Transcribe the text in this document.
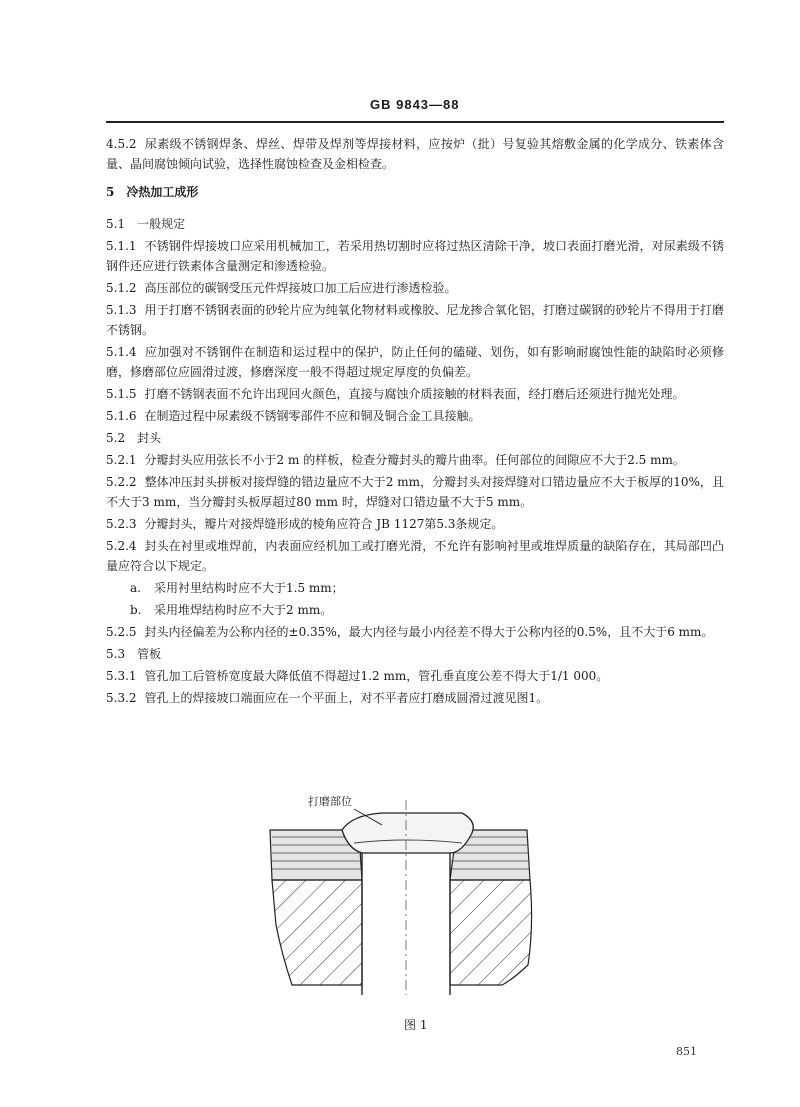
GB 9843—88

4.5.2 尿素级不锈钢焊条、焊丝、焊带及焊剂等焊接材料，应按炉（批）号复验其熔敷金属的化学成分、铁素体含量、晶间腐蚀倾向试验，选择性腐蚀检查及金相检查。

5 冷热加工成形

5.1 一般规定

5.1.1 不锈钢件焊接坡口应采用机械加工，若采用热切割时应将过热区清除干净，坡口表面打磨光滑，对尿素级不锈钢件还应进行铁素体含量测定和渗透检验。

5.1.2 高压部位的碳钢受压元件焊接坡口加工后应进行渗透检验。

5.1.3 用于打磨不锈钢表面的砂轮片应为纯氧化物材料或橡胶、尼龙掺合氧化铝，打磨过碳钢的砂轮片不得用于打磨不锈钢。

5.1.4 应加强对不锈钢件在制造和运过程中的保护，防止任何的磕碰、划伤，如有影响耐腐蚀性能的缺陷时必须修磨，修磨部位应圆滑过渡，修磨深度一般不得超过规定厚度的负偏差。

5.1.5 打磨不锈钢表面不允许出现回火颜色，直接与腐蚀介质接触的材料表面，经打磨后还须进行抛光处理。

5.1.6 在制造过程中尿素级不锈钢零部件不应和铜及铜合金工具接触。

5.2 封头

5.2.1 分瓣封头应用弦长不小于2 m 的样板，检查分瓣封头的瓣片曲率。任何部位的间隙应不大于2.5 mm。

5.2.2 整体冲压封头拼板对接焊缝的错边量应不大于2 mm，分瓣封头对接焊缝对口错边量应不大于板厚的10%，且不大于3 mm，当分瓣封头板厚超过80 mm 时，焊缝对口错边量不大于5 mm。

5.2.3 分瓣封头，瓣片对接焊缝形成的棱角应符合 JB 1127第5.3条规定。

5.2.4 封头在衬里或堆焊前，内表面应经机加工或打磨光滑，不允许有影响衬里或堆焊质量的缺陷存在，其局部凹凸量应符合以下规定。

a. 采用衬里结构时应不大于1.5 mm；

b. 采用堆焊结构时应不大于2 mm。

5.2.5 封头内径偏差为公称内径的±0.35%，最大内径与最小内径差不得大于公称内径的0.5%，且不大于6 mm。

5.3 管板

5.3.1 管孔加工后管桥宽度最大降低值不得超过1.2 mm，管孔垂直度公差不得大于1/1 000。

5.3.2 管孔上的焊接坡口端面应在一个平面上，对不平者应打磨成圆滑过渡见图1。

打磨部位
图 1
851
